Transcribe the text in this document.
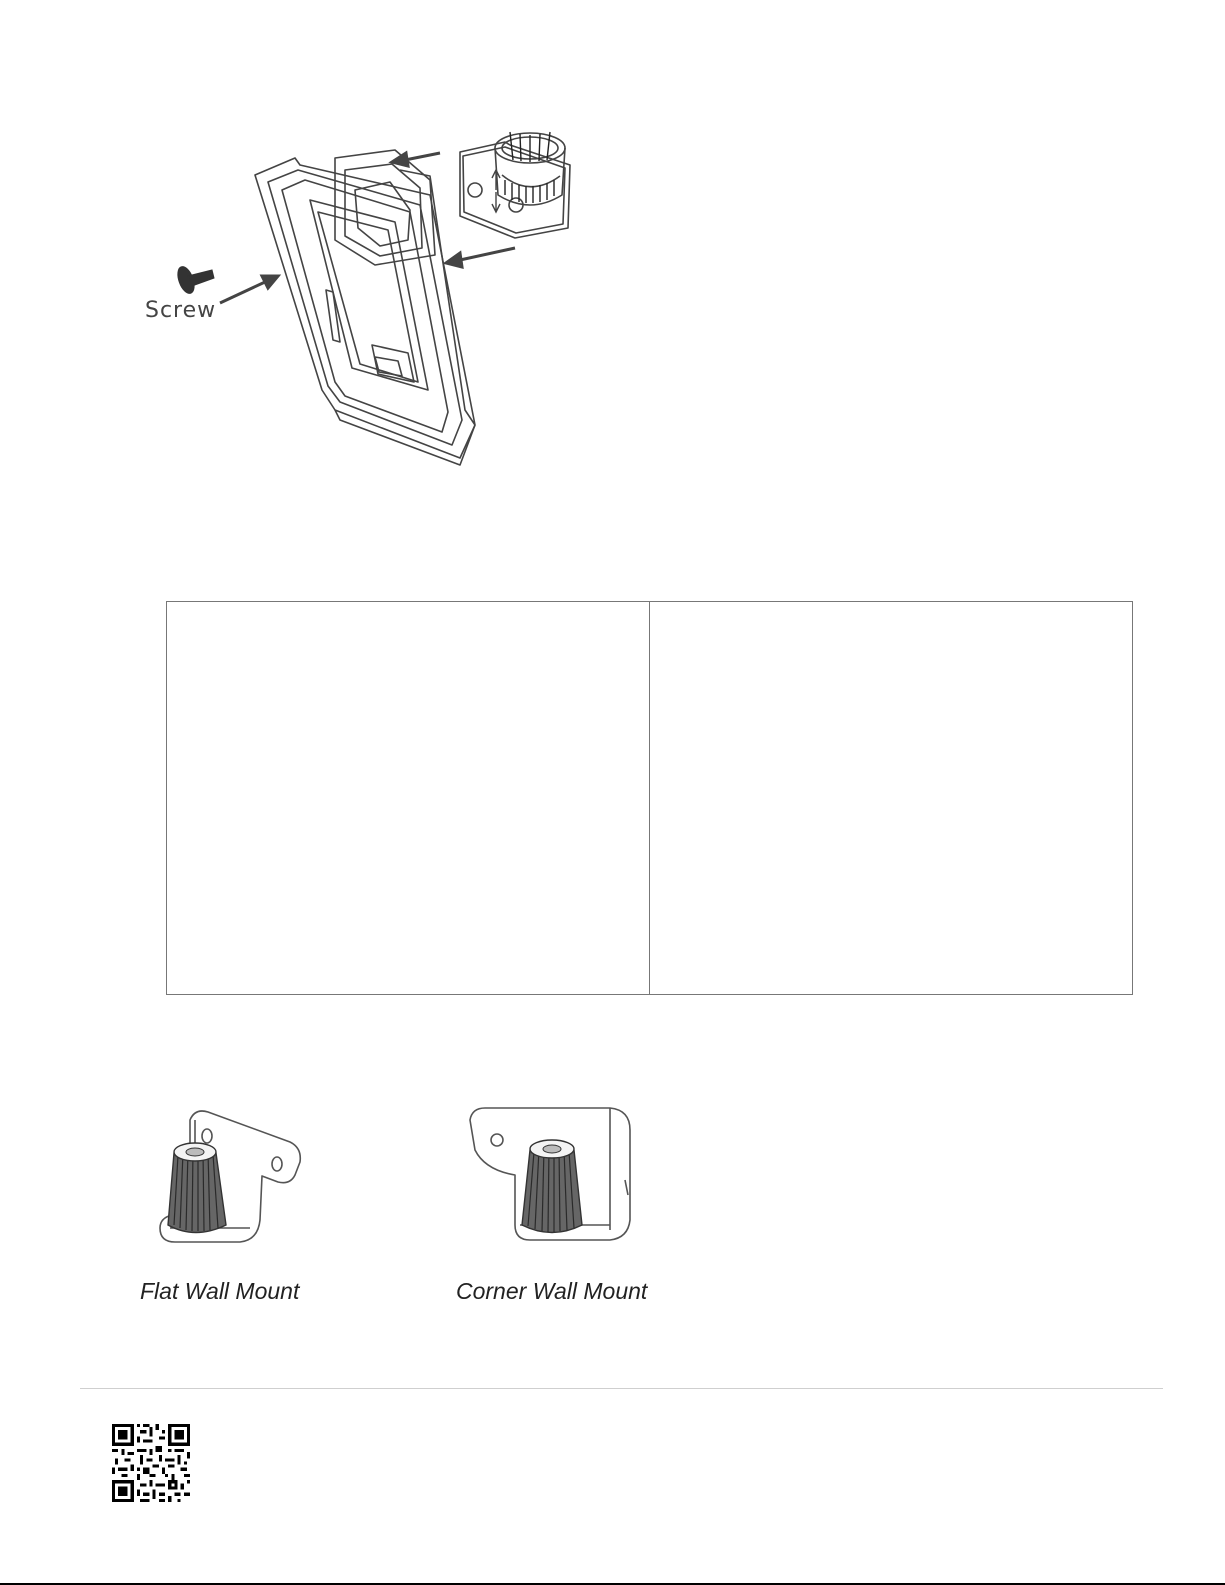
Screw

Flat Wall Mount	Corner Wall Mount
